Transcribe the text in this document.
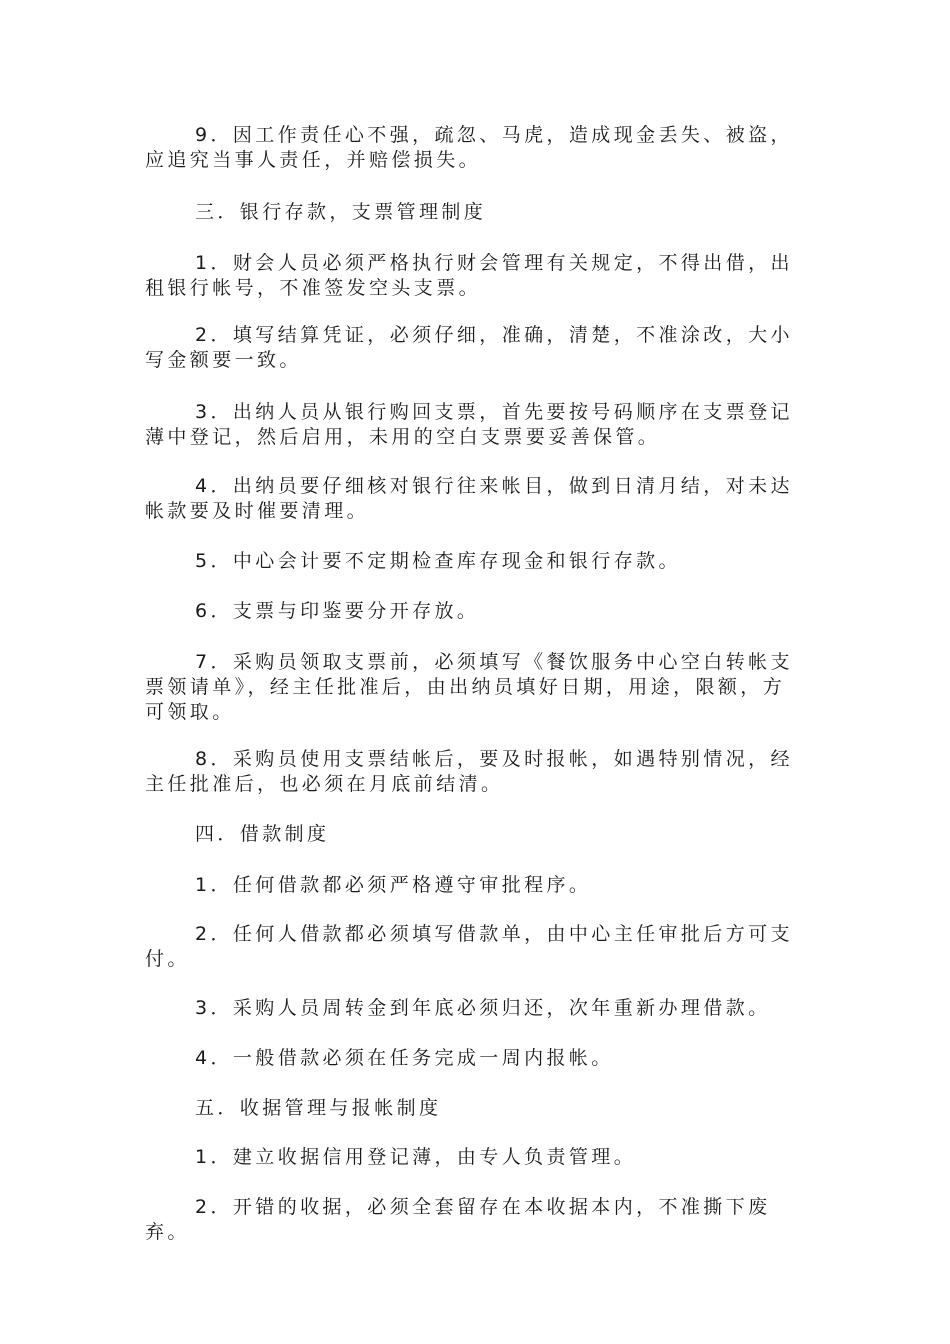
9．因工作责任心不强，疏忽、马虎，造成现金丢失、被盗，应追究当事人责任，并赔偿损失。

三．银行存款，支票管理制度

1．财会人员必须严格执行财会管理有关规定，不得出借，出租银行帐号，不准签发空头支票。

2．填写结算凭证，必须仔细，准确，清楚，不准涂改，大小写金额要一致。

3．出纳人员从银行购回支票，首先要按号码顺序在支票登记薄中登记，然后启用，未用的空白支票要妥善保管。

4．出纳员要仔细核对银行往来帐目，做到日清月结，对未达帐款要及时催要清理。

5．中心会计要不定期检查库存现金和银行存款。

6．支票与印鉴要分开存放。

7．采购员领取支票前，必须填写《餐饮服务中心空白转帐支票领请单》，经主任批准后，由出纳员填好日期，用途，限额，方可领取。

8．采购员使用支票结帐后，要及时报帐，如遇特别情况，经主任批准后，也必须在月底前结清。

四．借款制度

1．任何借款都必须严格遵守审批程序。

2．任何人借款都必须填写借款单，由中心主任审批后方可支付。

3．采购人员周转金到年底必须归还，次年重新办理借款。

4．一般借款必须在任务完成一周内报帐。

五．收据管理与报帐制度

1．建立收据信用登记薄，由专人负责管理。

2．开错的收据，必须全套留存在本收据本内，不准撕下废弃。
